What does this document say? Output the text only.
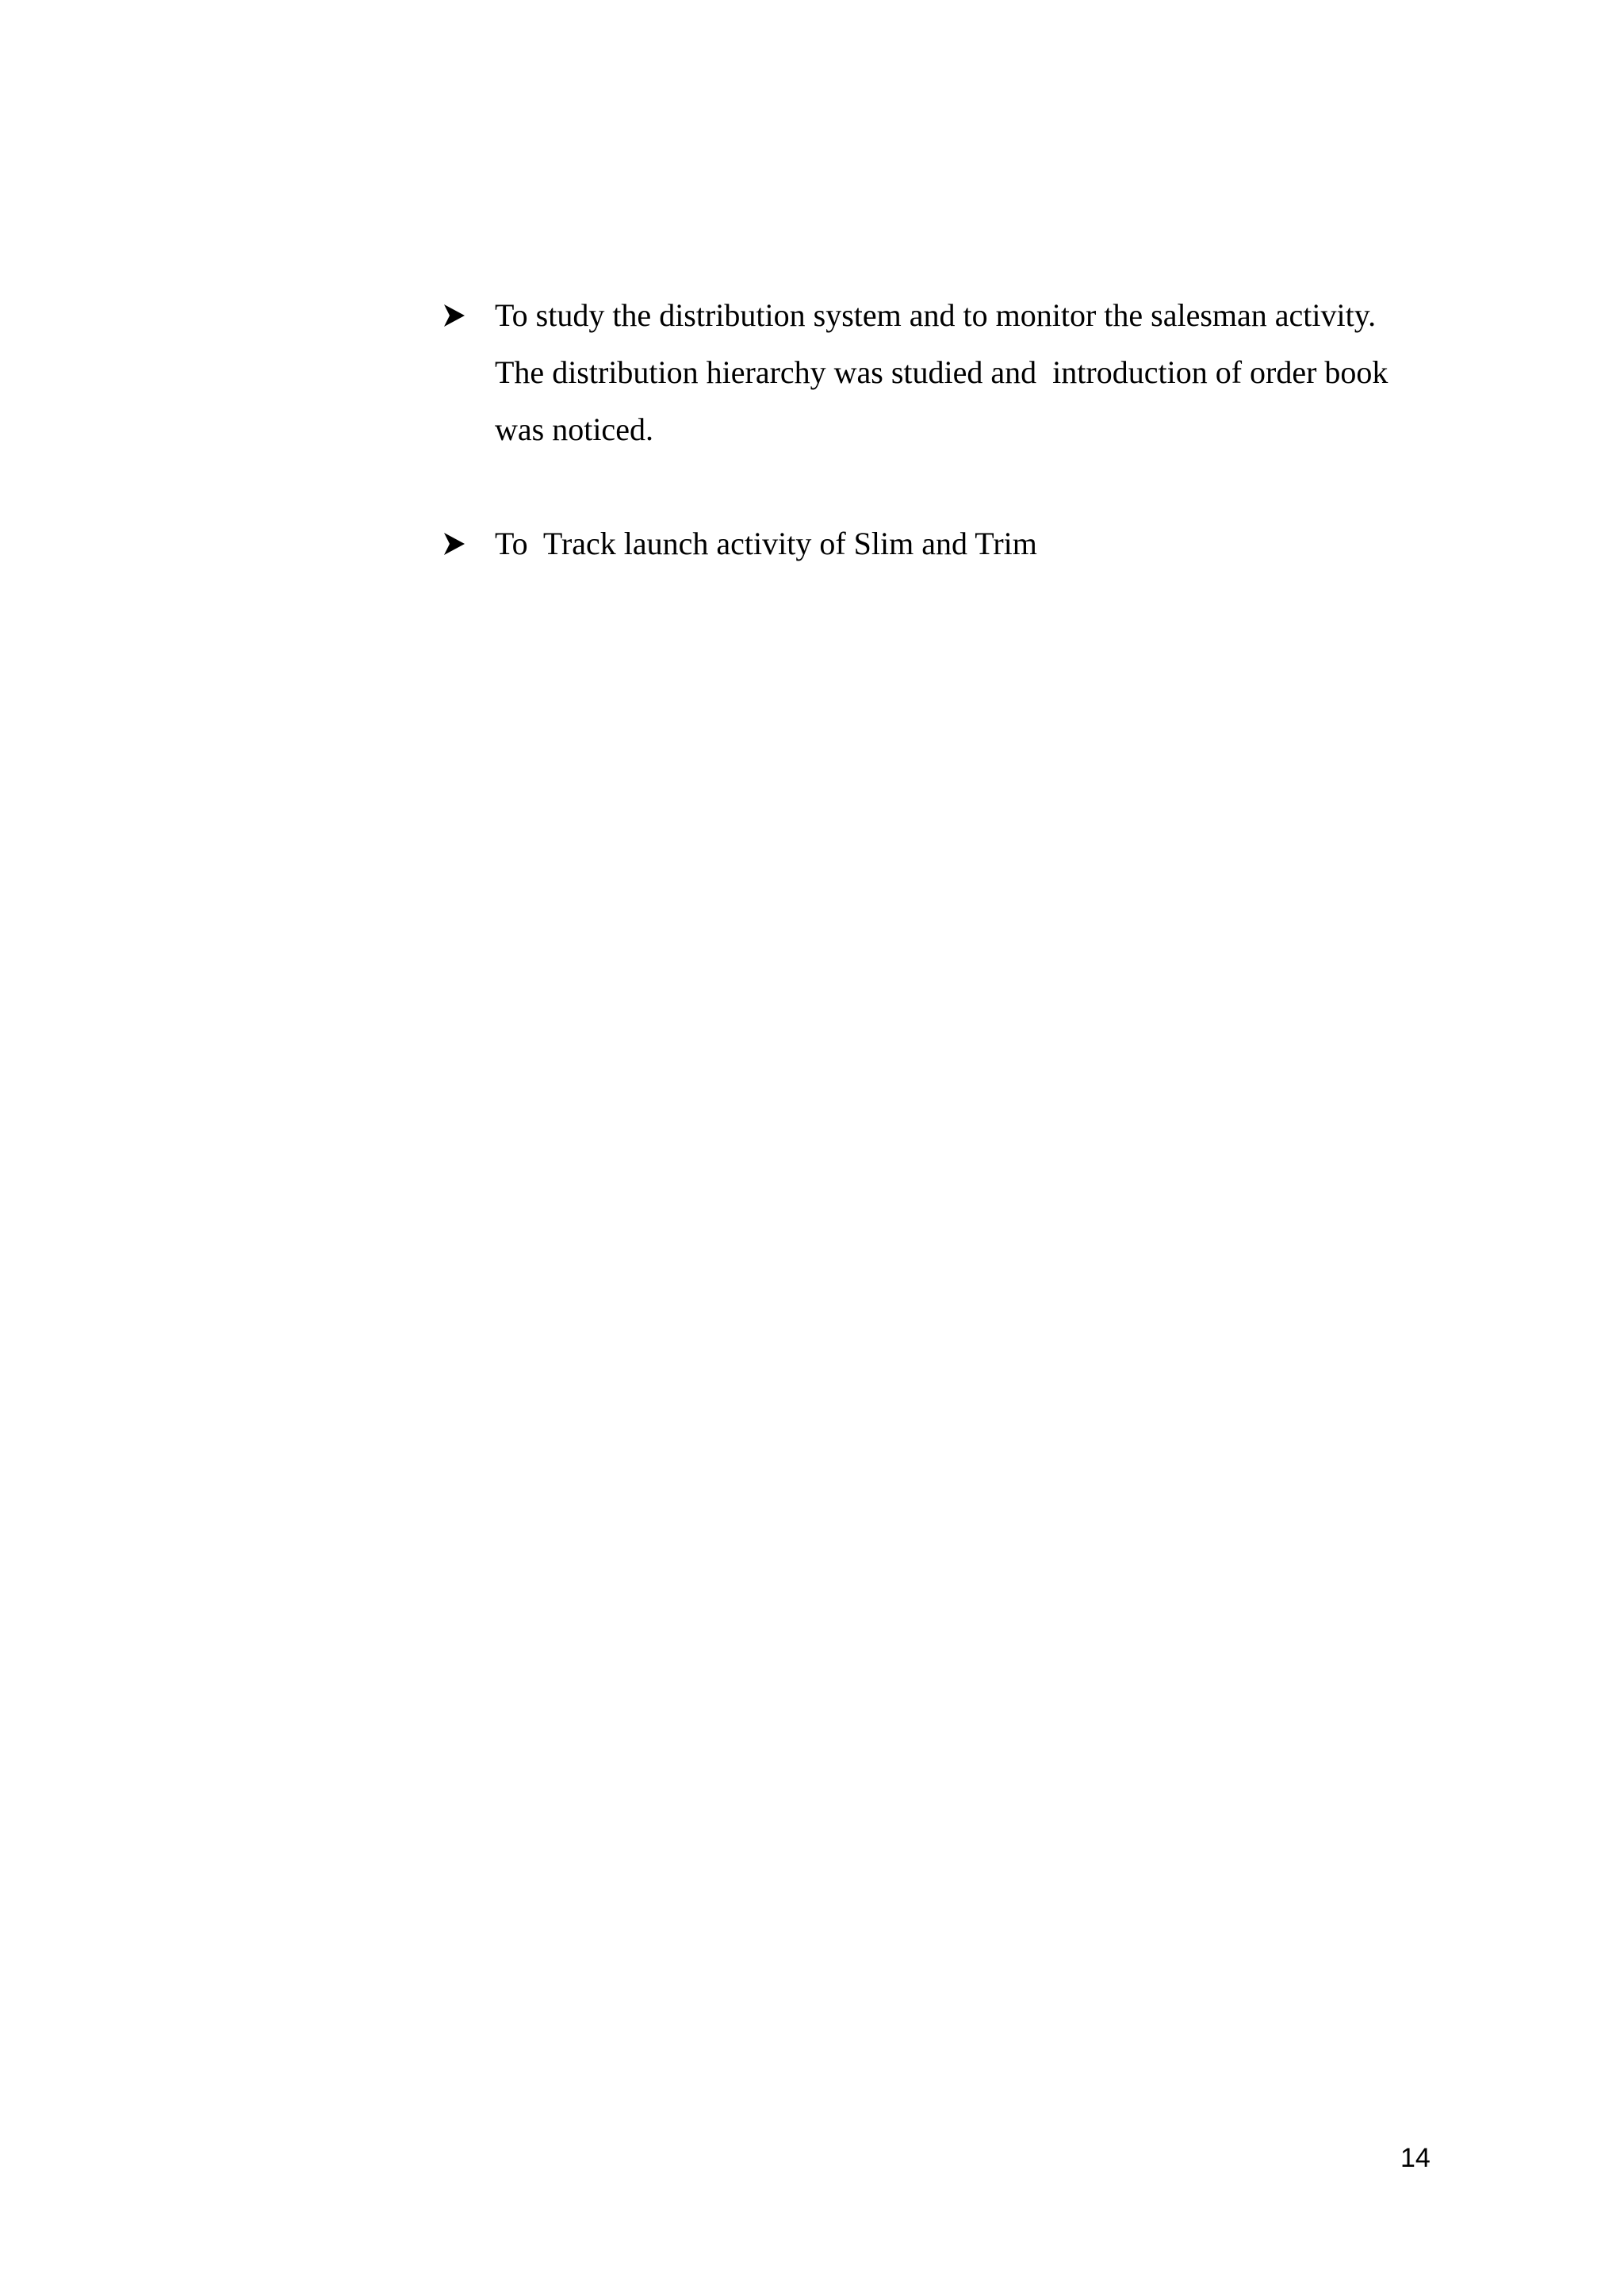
To study the distribution system and to monitor the salesman activity.
The distribution hierarchy was studied and  introduction of order book
was noticed.
To  Track launch activity of Slim and Trim
14
